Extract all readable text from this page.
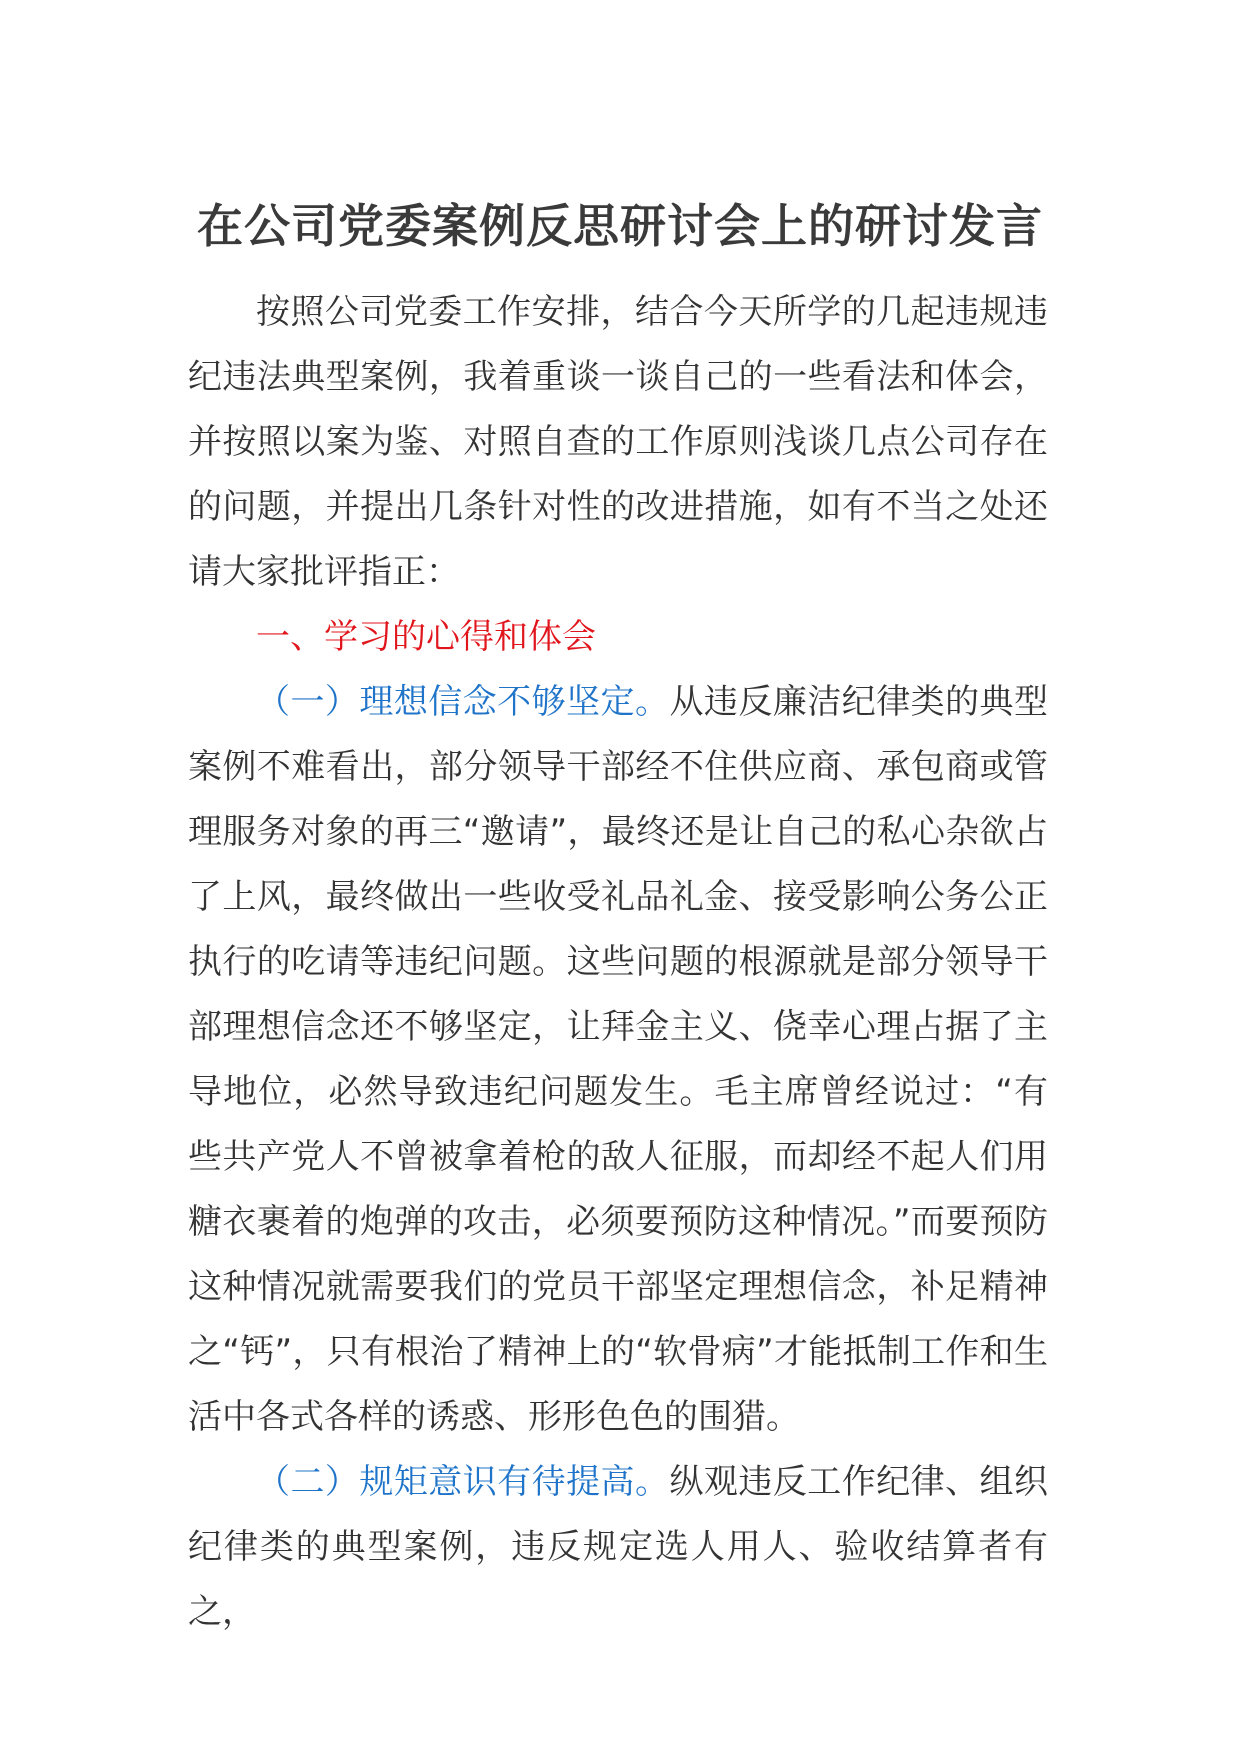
在公司党委案例反思研讨会上的研讨发言

按照公司党委工作安排，结合今天所学的几起违规违纪违法典型案例，我着重谈一谈自己的一些看法和体会，并按照以案为鉴、对照自查的工作原则浅谈几点公司存在的问题，并提出几条针对性的改进措施，如有不当之处还请大家批评指正：

一、学习的心得和体会

（一）理想信念不够坚定。从违反廉洁纪律类的典型案例不难看出，部分领导干部经不住供应商、承包商或管理服务对象的再三“邀请”，最终还是让自己的私心杂欲占了上风，最终做出一些收受礼品礼金、接受影响公务公正执行的吃请等违纪问题。这些问题的根源就是部分领导干部理想信念还不够坚定，让拜金主义、侥幸心理占据了主导地位，必然导致违纪问题发生。毛主席曾经说过：“有些共产党人不曾被拿着枪的敌人征服，而却经不起人们用糖衣裹着的炮弹的攻击，必须要预防这种情况。”而要预防这种情况就需要我们的党员干部坚定理想信念，补足精神之“钙”，只有根治了精神上的“软骨病”才能抵制工作和生活中各式各样的诱惑、形形色色的围猎。

（二）规矩意识有待提高。纵观违反工作纪律、组织纪律类的典型案例，违反规定选人用人、验收结算者有之，
